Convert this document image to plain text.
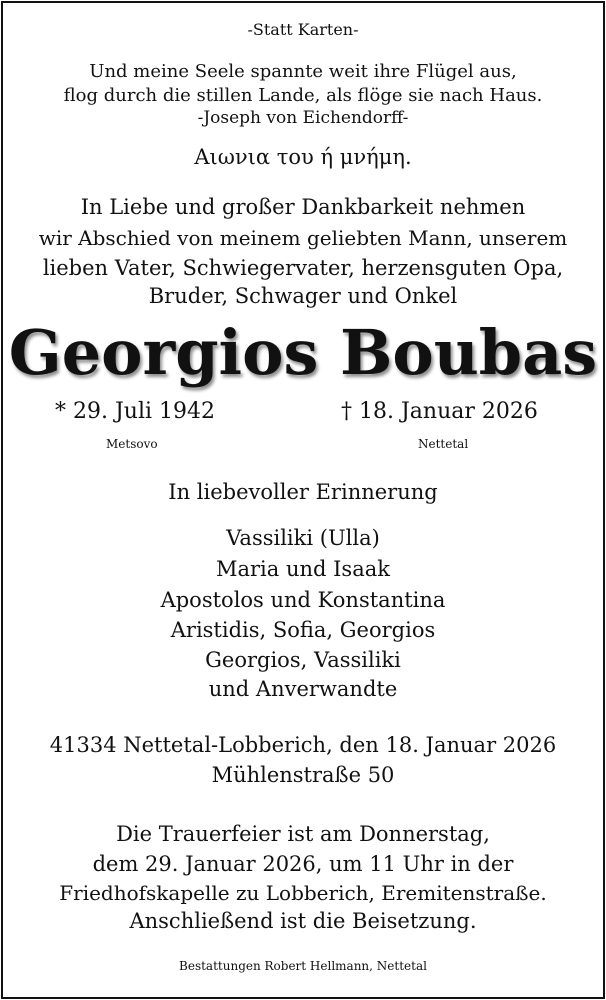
-Statt Karten-
Und meine Seele spannte weit ihre Flügel aus,
flog durch die stillen Lande, als flöge sie nach Haus.
-Joseph von Eichendorff-
Αιωνια του ή μνήμη.
In Liebe und großer Dankbarkeit nehmen
wir Abschied von meinem geliebten Mann, unserem
lieben Vater, Schwiegervater, herzensguten Opa,
Bruder, Schwager und Onkel
Georgios Boubas
* 29. Juli 1942	† 18. Januar 2026
Metsovo	Nettetal
In liebevoller Erinnerung
Vassiliki (Ulla)
Maria und Isaak
Apostolos und Konstantina
Aristidis, Sofia, Georgios
Georgios, Vassiliki
und Anverwandte
41334 Nettetal-Lobberich, den 18. Januar 2026
Mühlenstraße 50
Die Trauerfeier ist am Donnerstag,
dem 29. Januar 2026, um 11 Uhr in der
Friedhofskapelle zu Lobberich, Eremitenstraße.
Anschließend ist die Beisetzung.
Bestattungen Robert Hellmann, Nettetal
